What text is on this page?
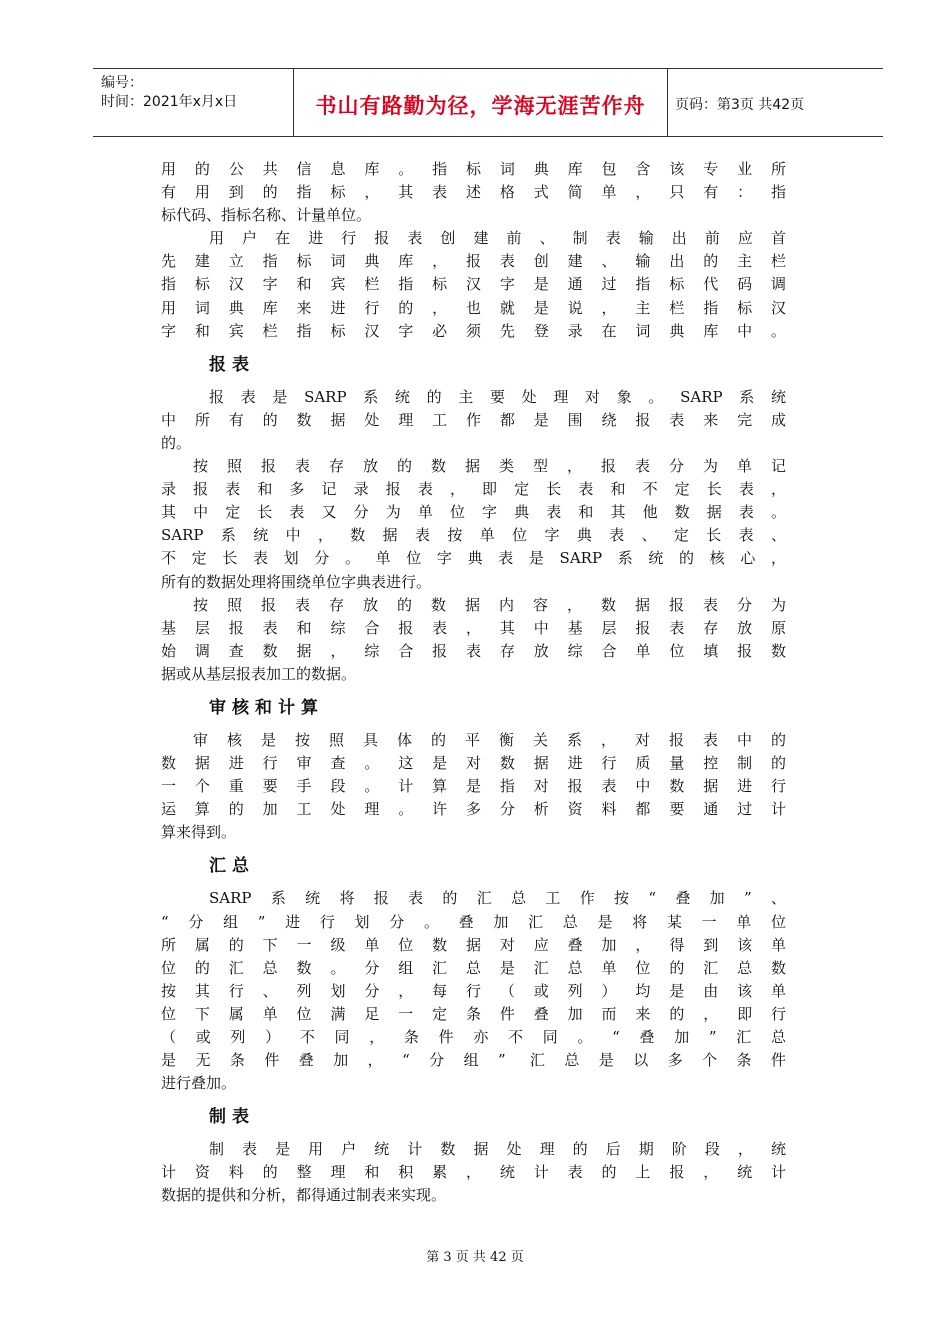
编号：
时间：2021年x月x日	书山有路勤为径，学海无涯苦作舟	页码：第3页 共42页

用的公共信息库。指标词典库包含该专业所
有用到的指标，其表述格式简单，只有：指
标代码、指标名称、计量单位。

用户在进行报表创建前、制表输出前应首
先建立指标词典库，报表创建、输出的主栏
指标汉字和宾栏指标汉字是通过指标代码调
用词典库来进行的，也就是说，主栏指标汉
字和宾栏指标汉字必须先登录在词典库中。

报表

报表是SARP系统的主要处理对象。SARP系统
中所有的数据处理工作都是围绕报表来完成
的。

按照报表存放的数据类型，报表分为单记
录报表和多记录报表，即定长表和不定长表，
其中定长表又分为单位字典表和其他数据表。
SARP系统中，数据表按单位字典表、定长表、
不定长表划分。单位字典表是SARP系统的核心，
所有的数据处理将围绕单位字典表进行。

按照报表存放的数据内容，数据报表分为
基层报表和综合报表，其中基层报表存放原
始调查数据，综合报表存放综合单位填报数
据或从基层报表加工的数据。

审核和计算

审核是按照具体的平衡关系，对报表中的
数据进行审查。这是对数据进行质量控制的
一个重要手段。计算是指对报表中数据进行
运算的加工处理。许多分析资料都要通过计
算来得到。

汇总

SARP系统将报表的汇总工作按“叠加”、
“分组”进行划分。叠加汇总是将某一单位
所属的下一级单位数据对应叠加，得到该单
位的汇总数。分组汇总是汇总单位的汇总数
按其行、列划分，每行（或列）均是由该单
位下属单位满足一定条件叠加而来的，即行
（或列）不同，条件亦不同。“叠加”汇总
是无条件叠加，“分组” 汇总是以多个条件
进行叠加。

制表

制表是用户统计数据处理的后期阶段，统
计资料的整理和积累，统计表的上报，统计
数据的提供和分析，都得通过制表来实现。

第 3 页 共 42 页
